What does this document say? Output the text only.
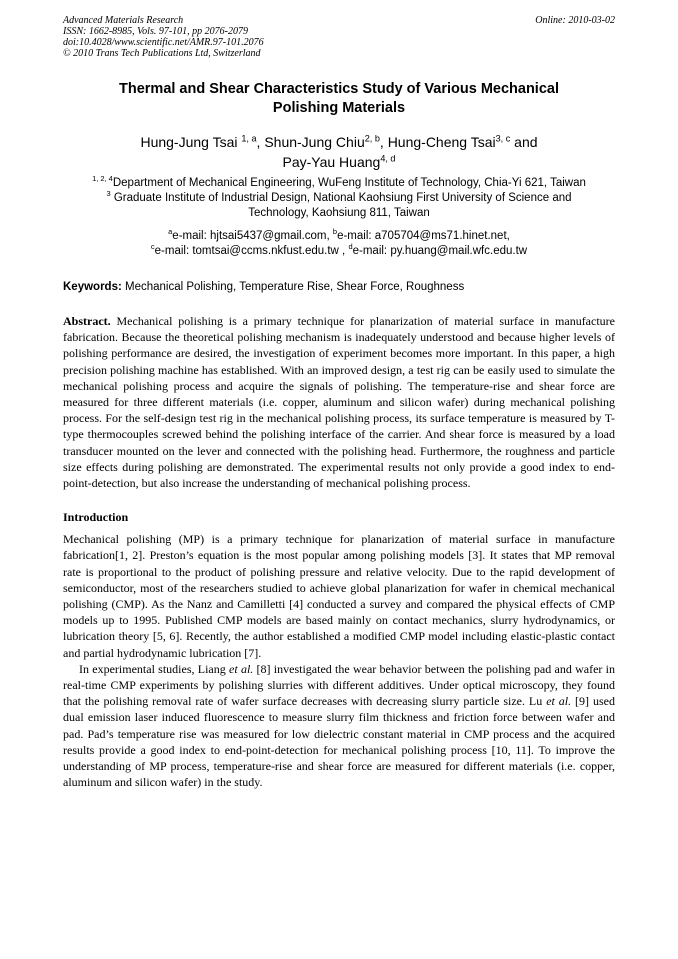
Advanced Materials Research
ISSN: 1662-8985, Vols. 97-101, pp 2076-2079
doi:10.4028/www.scientific.net/AMR.97-101.2076
© 2010 Trans Tech Publications Ltd, Switzerland
Online: 2010-03-02
Thermal and Shear Characteristics Study of Various Mechanical
Polishing Materials
Hung-Jung Tsai $^{1, a}$, Shun-Jung Chiu$^{2, b}$, Hung-Cheng Tsai$^{3, c}$ and
Pay-Yau Huang$^{4, d}$
$^{1, 2, 4}$Department of Mechanical Engineering, WuFeng Institute of Technology, Chia-Yi 621, Taiwan
$^3$ Graduate Institute of Industrial Design, National Kaohsiung First University of Science and
Technology, Kaohsiung 811, Taiwan
$^a$e-mail: hjtsai5437@gmail.com, $^b$e-mail: a705704@ms71.hinet.net,
$^c$e-mail: tomtsai@ccms.nkfust.edu.tw , $^d$e-mail: py.huang@mail.wfc.edu.tw
Keywords: Mechanical Polishing, Temperature Rise, Shear Force, Roughness
Abstract. Mechanical polishing is a primary technique for planarization of material surface in manufacture fabrication. Because the theoretical polishing mechanism is inadequately understood and because higher levels of polishing performance are desired, the investigation of experiment becomes more important. In this paper, a high precision polishing machine has established. With an improved design, a test rig can be easily used to simulate the mechanical polishing process and acquire the signals of polishing. The temperature-rise and shear force are measured for three different materials (i.e. copper, aluminum and silicon wafer) during mechanical polishing process. For the self-design test rig in the mechanical polishing process, its surface temperature is measured by T-type thermocouples screwed behind the polishing interface of the carrier. And shear force is measured by a load transducer mounted on the lever and connected with the polishing head. Furthermore, the roughness and particle size effects during polishing are demonstrated. The experimental results not only provide a good index to end-point-detection, but also increase the understanding of mechanical polishing process.
Introduction

Mechanical polishing (MP) is a primary technique for planarization of material surface in manufacture fabrication[1, 2]. Preston’s equation is the most popular among polishing models [3]. It states that MP removal rate is proportional to the product of polishing pressure and relative velocity. Due to the rapid development of semiconductor, most of the researchers studied to achieve global planarization for wafer in chemical mechanical polishing (CMP). As the Nanz and Camilletti [4] conducted a survey and compared the physical effects of CMP models up to 1995. Published CMP models are based mainly on contact mechanics, slurry hydrodynamics, or lubrication theory [5, 6]. Recently, the author established a modified CMP model including elastic-plastic contact and partial hydrodynamic lubrication [7].

In experimental studies, Liang et al. [8] investigated the wear behavior between the polishing pad and wafer in real-time CMP experiments by polishing slurries with different additives. Under optical microscopy, they found that the polishing removal rate of wafer surface decreases with decreasing slurry particle size. Lu et al. [9] used dual emission laser induced fluorescence to measure slurry film thickness and friction force between wafer and pad. Pad’s temperature rise was measured for low dielectric constant material in CMP process and the acquired results provide a good index to end-point-detection for mechanical polishing process [10, 11]. To improve the understanding of MP process, temperature-rise and shear force are measured for different materials (i.e. copper, aluminum and silicon wafer) in the study.
